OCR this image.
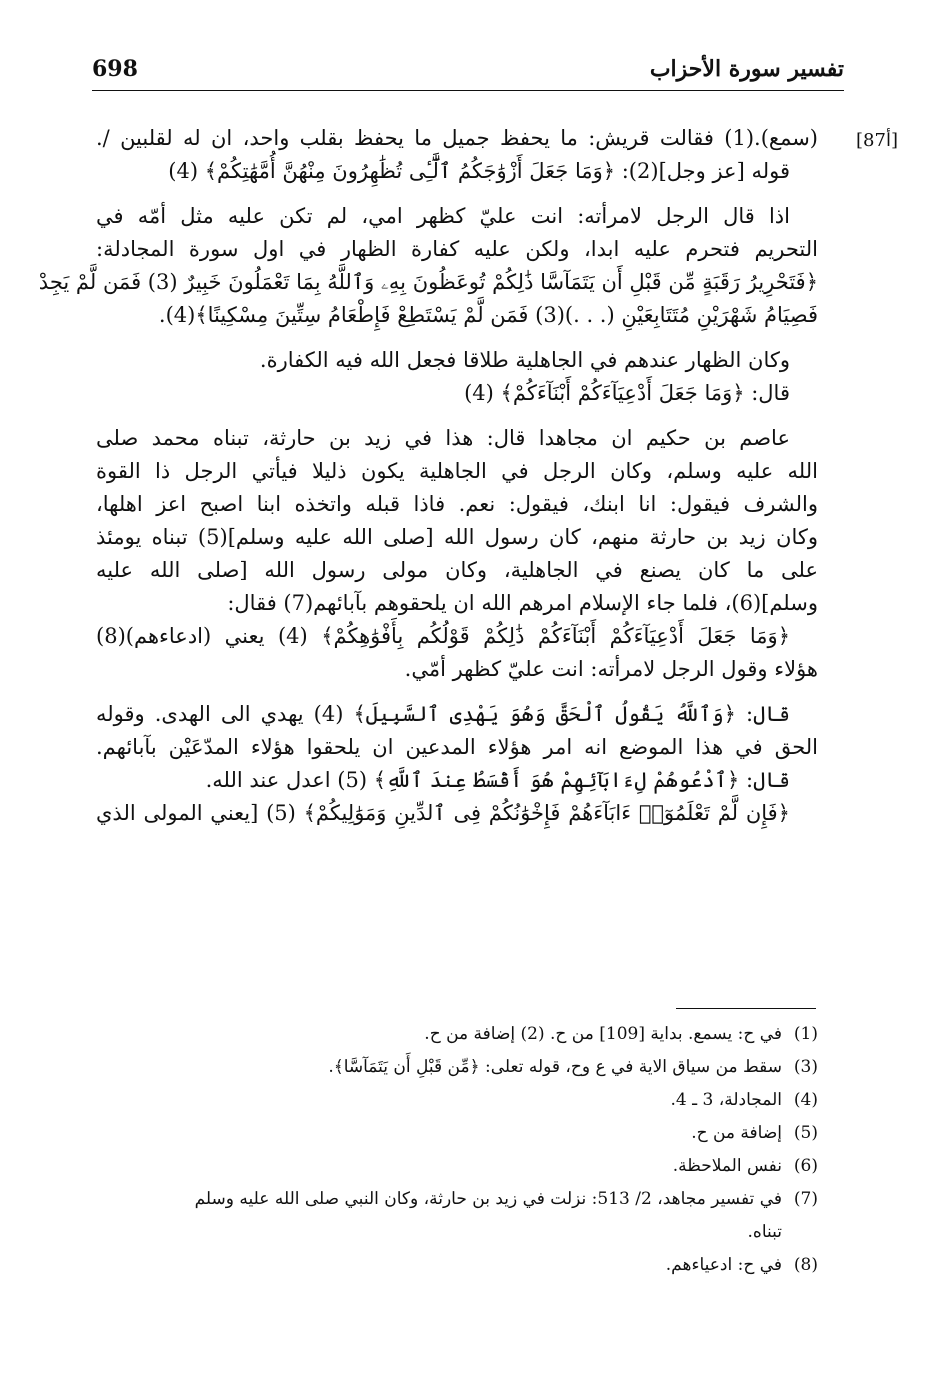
698	تفسير سورة الأحزاب
[87أ]
(سمع).(1) فقالت قريش: ما يحفظ جميل ما يحفظ بقلب واحد، ان له لقلبين /.
قوله [عز وجل](2): ﴿وَمَا جَعَلَ أَزْوَٰجَكُمُ ٱلَّٰٓـِٔى تُظَٰهِرُونَ مِنْهُنَّ أُمَّهَٰتِكُمْ﴾ (4)
اذا قال الرجل لامرأته: انت عليّ كظهر امي، لم تكن عليه مثل أمّه في
التحريم فتحرم عليه ابدا، ولكن عليه كفارة الظهار في اول سورة المجادلة:
﴿فَتَحْرِيرُ رَقَبَةٍ مِّن قَبْلِ أَن يَتَمَآسَّا ذَٰلِكُمْ تُوعَظُونَ بِهِۦ وَٱللَّهُ بِمَا تَعْمَلُونَ خَبِيرٌ (3) فَمَن لَّمْ يَجِدْ
فَصِيَامُ شَهْرَيْنِ مُتَتَابِعَيْنِ (. . .)(3) فَمَن لَّمْ يَسْتَطِعْ فَإِطْعَامُ سِتِّينَ مِسْكِينًا﴾(4).
وكان الظهار عندهم في الجاهلية طلاقا فجعل الله فيه الكفارة.
قال: ﴿وَمَا جَعَلَ أَدْعِيَآءَكُمْ أَبْنَآءَكُمْ﴾ (4)
عاصم بن حكيم ان مجاهدا قال: هذا في زيد بن حارثة، تبناه محمد صلى
الله عليه وسلم، وكان الرجل في الجاهلية يكون ذليلا فيأتي الرجل ذا القوة
والشرف فيقول: انا ابنك، فيقول: نعم. فاذا قبله واتخذه ابنا اصبح اعز اهلها،
وكان زيد بن حارثة منهم، كان رسول الله [صلى الله عليه وسلم](5) تبناه يومئذ
على ما كان يصنع في الجاهلية، وكان مولى رسول الله [صلى الله عليه
وسلم](6)، فلما جاء الإسلام امرهم الله ان يلحقوهم بآبائهم(7) فقال:
﴿وَمَا جَعَلَ أَدْعِيَآءَكُمْ أَبْنَآءَكُمْ ذَٰلِكُمْ قَوْلُكُم بِأَفْوَٰهِكُمْ﴾ (4) يعني (ادعاءهم)(8)
هؤلاء وقول الرجل لامرأته: انت عليّ كظهر أمّي.
قال: ﴿وَٱللَّهُ يَقُولُ ٱلْحَقَّ وَهُوَ يَهْدِى ٱلسَّبِيلَ﴾ (4) يهدي الى الهدى. وقوله
الحق في هذا الموضع انه امر هؤلاء المدعين ان يلحقوا هؤلاء المدّعَيْن بآبائهم.
قال: ﴿ٱدْعُوهُمْ لِءَابَآئِهِمْ هُوَ أَقْسَطُ عِندَ ٱللَّهِ﴾ (5) اعدل عند الله.
﴿فَإِن لَّمْ تَعْلَمُوٓا۟ ءَابَآءَهُمْ فَإِخْوَٰنُكُمْ فِى ٱلدِّينِ وَمَوَٰلِيكُمْ﴾ (5) [يعني المولى الذي
(1)في ح: يسمع. بداية [109] من ح. (2) إضافة من ح.
(3)سقط من سياق الاية في ع وح، قوله تعلى: ﴿مِّن قَبْلِ أَن يَتَمَآسَّا﴾.
(4)المجادلة، 3 ـ 4.
(5)إضافة من ح.
(6)نفس الملاحظة.
(7)في تفسير مجاهد، 2/ 513: نزلت في زيد بن حارثة، وكان النبي صلى الله عليه وسلم
تبناه.
(8)في ح: ادعياءهم.
